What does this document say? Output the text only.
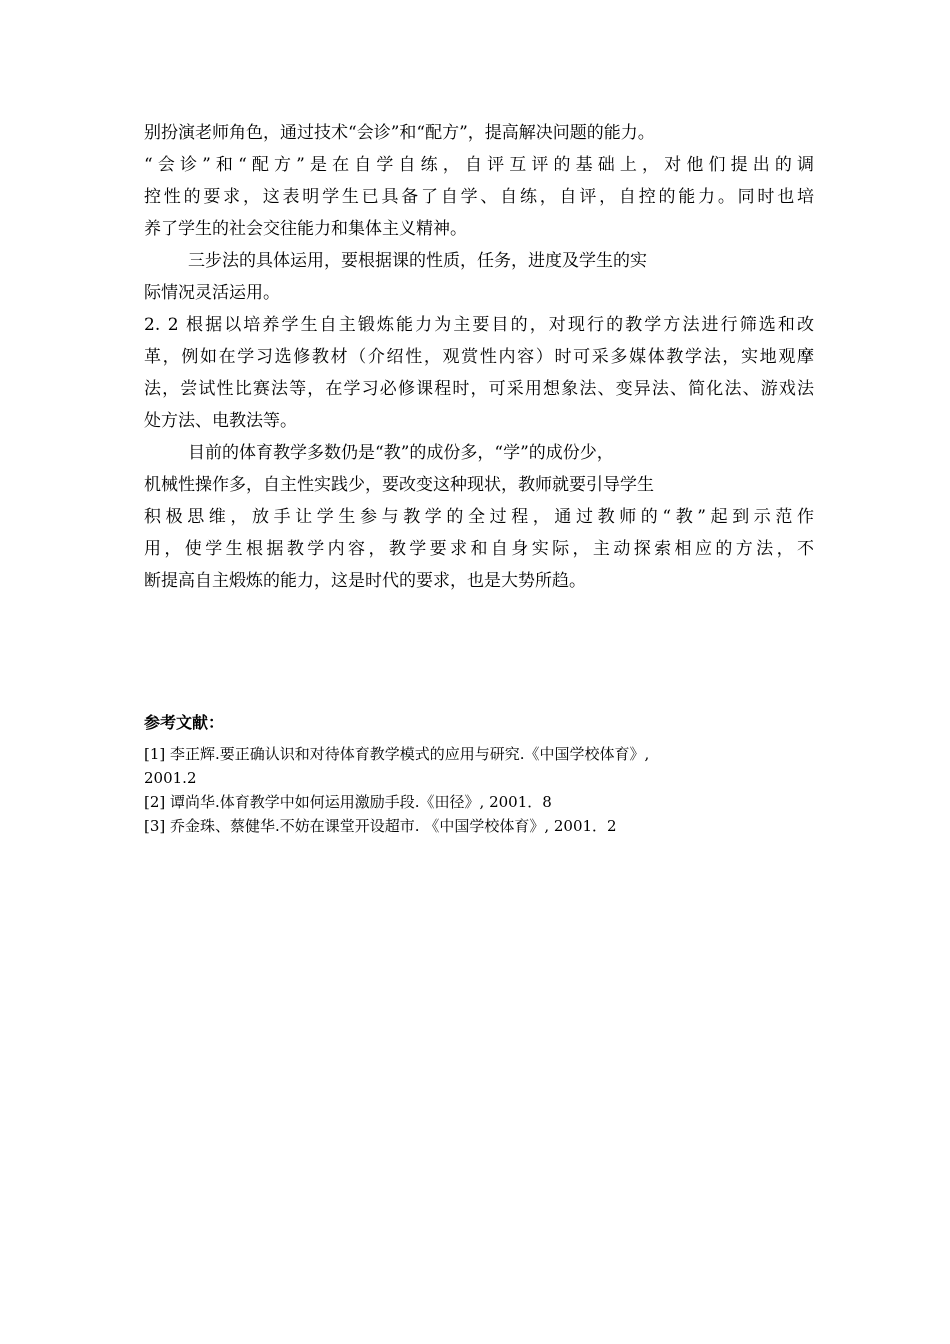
别扮演老师角色，通过技术“会诊”和“配方”，提高解决问题的能力。
“会诊”和“配方”是在自学自练，自评互评的基础上，对他们提出的调
控性的要求，这表明学生已具备了自学、自练，自评，自控的能力。同时也培
养了学生的社会交往能力和集体主义精神。
三步法的具体运用，要根据课的性质，任务，进度及学生的实
际情况灵活运用。
2. 2 根据以培养学生自主锻炼能力为主要目的，对现行的教学方法进行筛选和改
革，例如在学习选修教材（介绍性，观赏性内容）时可采多媒体教学法，实地观摩
法，尝试性比赛法等，在学习必修课程时，可采用想象法、变异法、简化法、游戏法
处方法、电教法等。
目前的体育教学多数仍是“教”的成份多，“学”的成份少，
机械性操作多，自主性实践少，要改变这种现状，教师就要引导学生
积极思维，放手让学生参与教学的全过程，通过教师的“教”起到示范作
用，使学生根据教学内容，教学要求和自身实际，主动探索相应的方法，不
断提高自主煅炼的能力，这是时代的要求，也是大势所趋。
参考文献：
[1] 李正辉.要正确认识和对待体育教学模式的应用与研究.《中国学校体育》,
2001.2
[2] 谭尚华.体育教学中如何运用激励手段.《田径》, 2001．8
[3] 乔金珠、蔡健华.不妨在课堂开设超市. 《中国学校体育》, 2001．2
